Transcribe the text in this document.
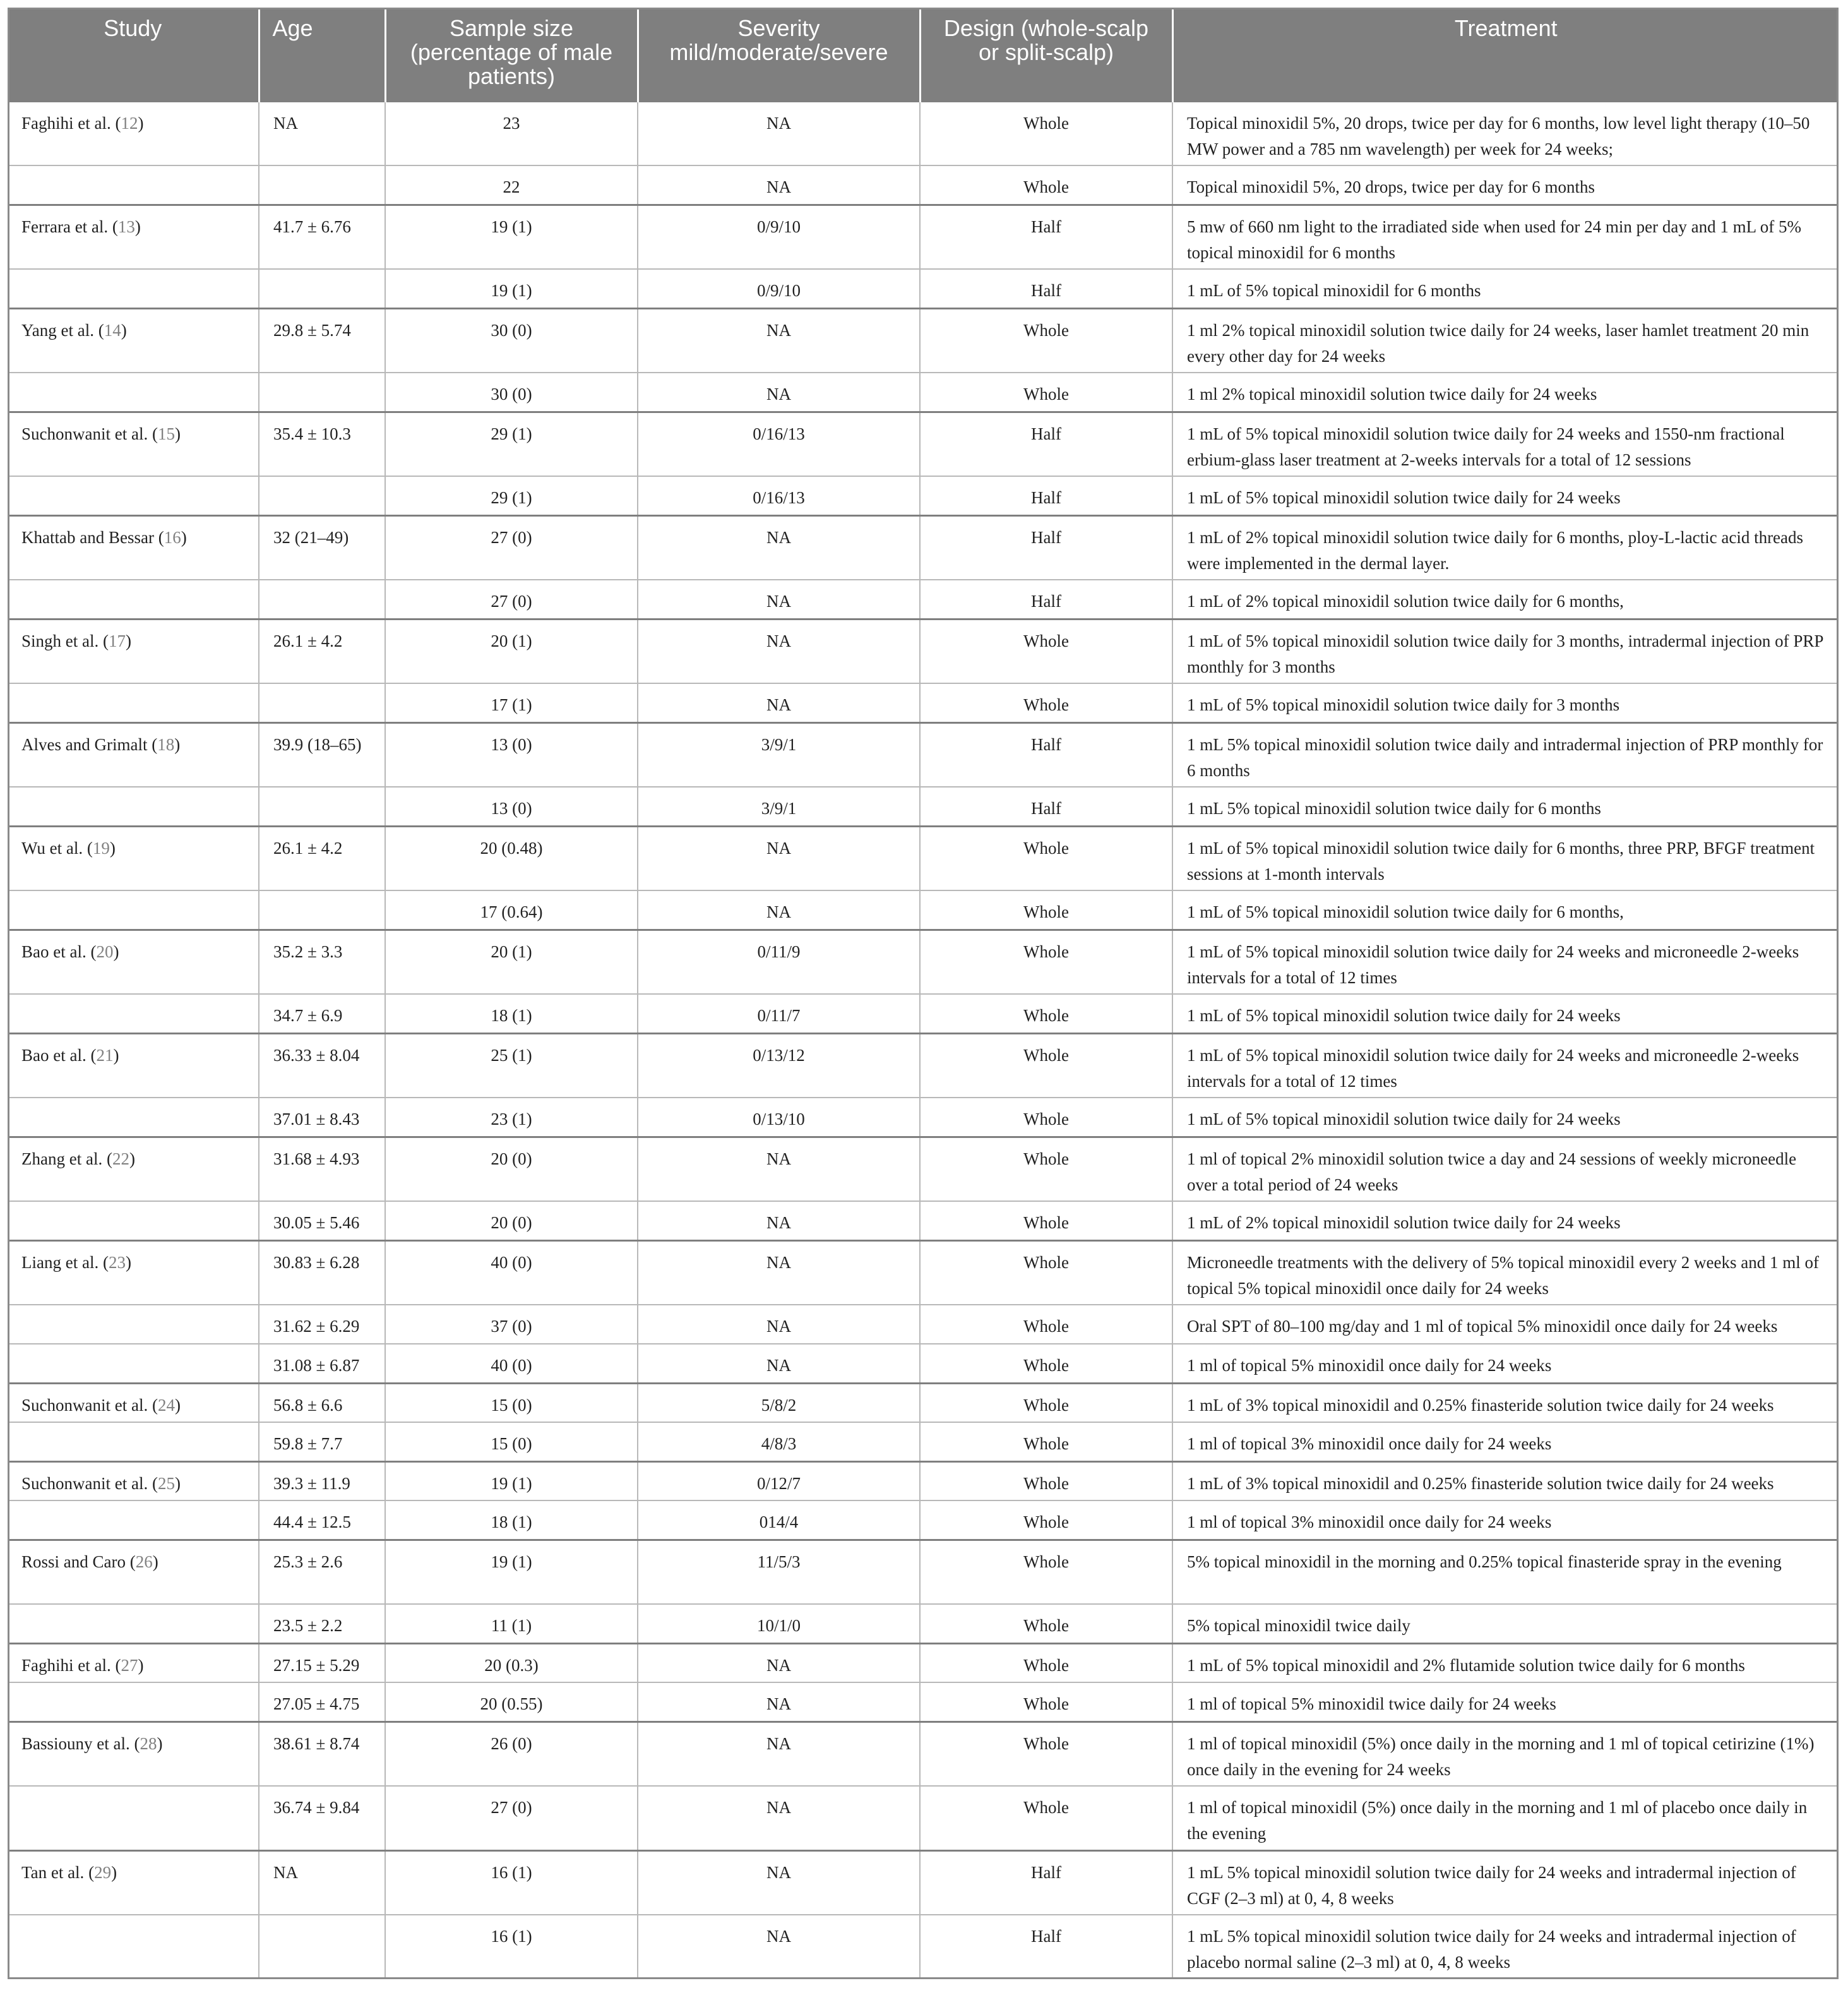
Study	Age	Sample size (percentage of male patients)	Severity mild/moderate/severe	Design (whole-scalp or split-scalp)	Treatment
Faghihi et al. (12)	NA	23	NA	Whole	Topical minoxidil 5%, 20 drops, twice per day for 6 months, low level light therapy (10–50 MW power and a 785 nm wavelength) per week for 24 weeks;
		22	NA	Whole	Topical minoxidil 5%, 20 drops, twice per day for 6 months
Ferrara et al. (13)	41.7 ± 6.76	19 (1)	0/9/10	Half	5 mw of 660 nm light to the irradiated side when used for 24 min per day and 1 mL of 5% topical minoxidil for 6 months
		19 (1)	0/9/10	Half	1 mL of 5% topical minoxidil for 6 months
Yang et al. (14)	29.8 ± 5.74	30 (0)	NA	Whole	1 ml 2% topical minoxidil solution twice daily for 24 weeks, laser hamlet treatment 20 min every other day for 24 weeks
		30 (0)	NA	Whole	1 ml 2% topical minoxidil solution twice daily for 24 weeks
Suchonwanit et al. (15)	35.4 ± 10.3	29 (1)	0/16/13	Half	1 mL of 5% topical minoxidil solution twice daily for 24 weeks and 1550-nm fractional erbium-glass laser treatment at 2-weeks intervals for a total of 12 sessions
		29 (1)	0/16/13	Half	1 mL of 5% topical minoxidil solution twice daily for 24 weeks
Khattab and Bessar (16)	32 (21–49)	27 (0)	NA	Half	1 mL of 2% topical minoxidil solution twice daily for 6 months, ploy-L-lactic acid threads were implemented in the dermal layer.
		27 (0)	NA	Half	1 mL of 2% topical minoxidil solution twice daily for 6 months,
Singh et al. (17)	26.1 ± 4.2	20 (1)	NA	Whole	1 mL of 5% topical minoxidil solution twice daily for 3 months, intradermal injection of PRP monthly for 3 months
		17 (1)	NA	Whole	1 mL of 5% topical minoxidil solution twice daily for 3 months
Alves and Grimalt (18)	39.9 (18–65)	13 (0)	3/9/1	Half	1 mL 5% topical minoxidil solution twice daily and intradermal injection of PRP monthly for 6 months
		13 (0)	3/9/1	Half	1 mL 5% topical minoxidil solution twice daily for 6 months
Wu et al. (19)	26.1 ± 4.2	20 (0.48)	NA	Whole	1 mL of 5% topical minoxidil solution twice daily for 6 months, three PRP, BFGF treatment sessions at 1-month intervals
		17 (0.64)	NA	Whole	1 mL of 5% topical minoxidil solution twice daily for 6 months,
Bao et al. (20)	35.2 ± 3.3	20 (1)	0/11/9	Whole	1 mL of 5% topical minoxidil solution twice daily for 24 weeks and microneedle 2-weeks intervals for a total of 12 times
	34.7 ± 6.9	18 (1)	0/11/7	Whole	1 mL of 5% topical minoxidil solution twice daily for 24 weeks
Bao et al. (21)	36.33 ± 8.04	25 (1)	0/13/12	Whole	1 mL of 5% topical minoxidil solution twice daily for 24 weeks and microneedle 2-weeks intervals for a total of 12 times
	37.01 ± 8.43	23 (1)	0/13/10	Whole	1 mL of 5% topical minoxidil solution twice daily for 24 weeks
Zhang et al. (22)	31.68 ± 4.93	20 (0)	NA	Whole	1 ml of topical 2% minoxidil solution twice a day and 24 sessions of weekly microneedle over a total period of 24 weeks
	30.05 ± 5.46	20 (0)	NA	Whole	1 mL of 2% topical minoxidil solution twice daily for 24 weeks
Liang et al. (23)	30.83 ± 6.28	40 (0)	NA	Whole	Microneedle treatments with the delivery of 5% topical minoxidil every 2 weeks and 1 ml of topical 5% topical minoxidil once daily for 24 weeks
	31.62 ± 6.29	37 (0)	NA	Whole	Oral SPT of 80–100 mg/day and 1 ml of topical 5% minoxidil once daily for 24 weeks
	31.08 ± 6.87	40 (0)	NA	Whole	1 ml of topical 5% minoxidil once daily for 24 weeks
Suchonwanit et al. (24)	56.8 ± 6.6	15 (0)	5/8/2	Whole	1 mL of 3% topical minoxidil and 0.25% finasteride solution twice daily for 24 weeks
	59.8 ± 7.7	15 (0)	4/8/3	Whole	1 ml of topical 3% minoxidil once daily for 24 weeks
Suchonwanit et al. (25)	39.3 ± 11.9	19 (1)	0/12/7	Whole	1 mL of 3% topical minoxidil and 0.25% finasteride solution twice daily for 24 weeks
	44.4 ± 12.5	18 (1)	014/4	Whole	1 ml of topical 3% minoxidil once daily for 24 weeks
Rossi and Caro (26)	25.3 ± 2.6	19 (1)	11/5/3	Whole	5% topical minoxidil in the morning and 0.25% topical finasteride spray in the evening
	23.5 ± 2.2	11 (1)	10/1/0	Whole	5% topical minoxidil twice daily
Faghihi et al. (27)	27.15 ± 5.29	20 (0.3)	NA	Whole	1 mL of 5% topical minoxidil and 2% flutamide solution twice daily for 6 months
	27.05 ± 4.75	20 (0.55)	NA	Whole	1 ml of topical 5% minoxidil twice daily for 24 weeks
Bassiouny et al. (28)	38.61 ± 8.74	26 (0)	NA	Whole	1 ml of topical minoxidil (5%) once daily in the morning and 1 ml of topical cetirizine (1%) once daily in the evening for 24 weeks
	36.74 ± 9.84	27 (0)	NA	Whole	1 ml of topical minoxidil (5%) once daily in the morning and 1 ml of placebo once daily in the evening
Tan et al. (29)	NA	16 (1)	NA	Half	1 mL 5% topical minoxidil solution twice daily for 24 weeks and intradermal injection of CGF (2–3 ml) at 0, 4, 8 weeks
		16 (1)	NA	Half	1 mL 5% topical minoxidil solution twice daily for 24 weeks and intradermal injection of placebo normal saline (2–3 ml) at 0, 4, 8 weeks
